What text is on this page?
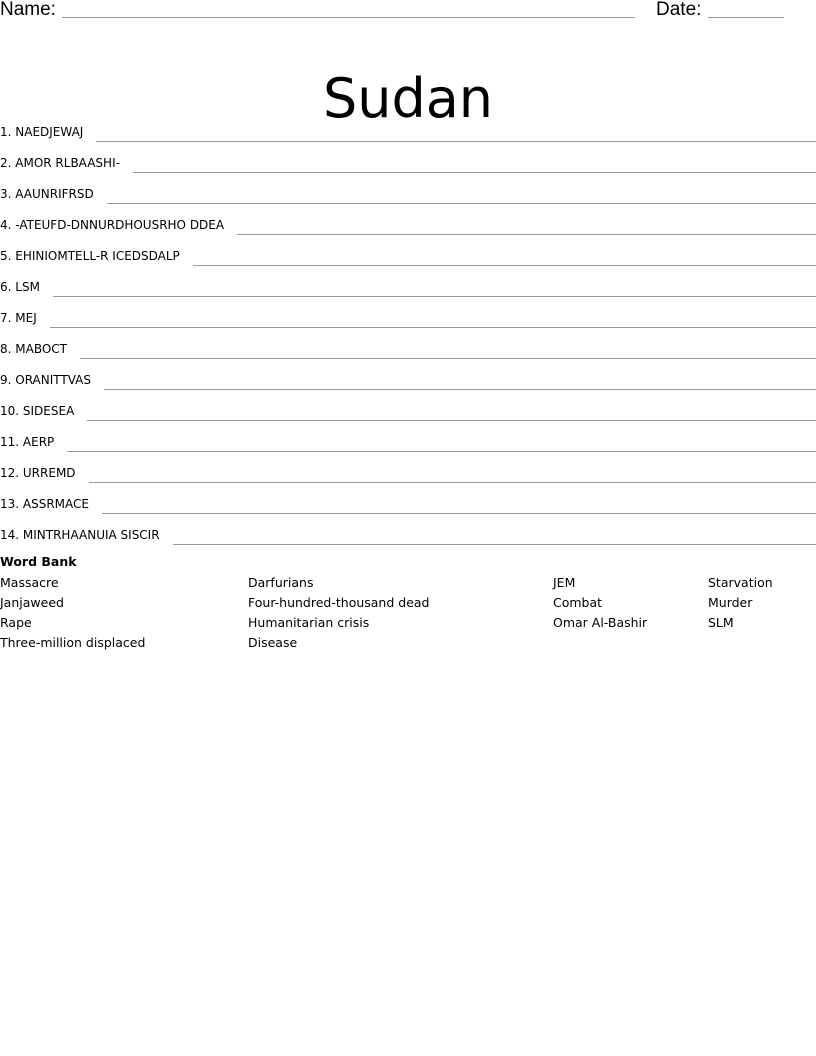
Name:	Date:
Sudan
1. NAEDJEWAJ
2. AMOR RLBAASHI-
3. AAUNRIFRSD
4. -ATEUFD-DNNURDHOUSRHO DDEA
5. EHINIOMTELL-R ICEDSDALP
6. LSM
7. MEJ
8. MABOCT
9. ORANITTVAS
10. SIDESEA
11. AERP
12. URREMD
13. ASSRMACE
14. MINTRHAANUIA SISCIR
Word Bank
Massacre
Janjaweed
Rape
Three-million displaced
Darfurians
Four-hundred-thousand dead
Humanitarian crisis
Disease
JEM
Combat
Omar Al-Bashir
Starvation
Murder
SLM
